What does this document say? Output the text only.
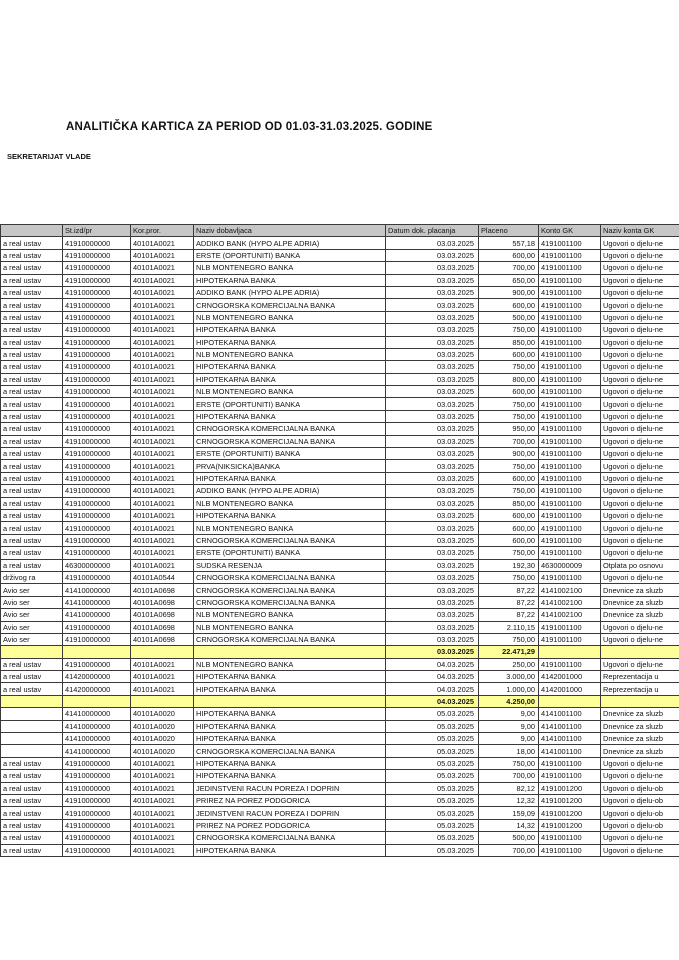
ANALITIČKA KARTICA ZA PERIOD OD 01.03-31.03.2025. GODINE
SEKRETARIJAT VLADE
	St.izd/pr	Kor.pror.	Naziv dobavljaca	Datum dok. placanja	Placeno	Konto GK	Naziv konta GK
a real ustav	41910000000	40101A0021	ADDIKO BANK (HYPO ALPE ADRIA)	03.03.2025	557,18	4191001100	Ugovori o djelu-ne
a real ustav	41910000000	40101A0021	ERSTE (OPORTUNITI) BANKA	03.03.2025	600,00	4191001100	Ugovori o djelu-ne
a real ustav	41910000000	40101A0021	NLB MONTENEGRO BANKA	03.03.2025	700,00	4191001100	Ugovori o djelu-ne
a real ustav	41910000000	40101A0021	HIPOTEKARNA BANKA	03.03.2025	650,00	4191001100	Ugovori o djelu-ne
a real ustav	41910000000	40101A0021	ADDIKO BANK (HYPO ALPE ADRIA)	03.03.2025	900,00	4191001100	Ugovori o djelu-ne
a real ustav	41910000000	40101A0021	CRNOGORSKA KOMERCIJALNA BANKA	03.03.2025	600,00	4191001100	Ugovori o djelu-ne
a real ustav	41910000000	40101A0021	NLB MONTENEGRO BANKA	03.03.2025	500,00	4191001100	Ugovori o djelu-ne
a real ustav	41910000000	40101A0021	HIPOTEKARNA BANKA	03.03.2025	750,00	4191001100	Ugovori o djelu-ne
a real ustav	41910000000	40101A0021	HIPOTEKARNA BANKA	03.03.2025	850,00	4191001100	Ugovori o djelu-ne
a real ustav	41910000000	40101A0021	NLB MONTENEGRO BANKA	03.03.2025	600,00	4191001100	Ugovori o djelu-ne
a real ustav	41910000000	40101A0021	HIPOTEKARNA BANKA	03.03.2025	750,00	4191001100	Ugovori o djelu-ne
a real ustav	41910000000	40101A0021	HIPOTEKARNA BANKA	03.03.2025	800,00	4191001100	Ugovori o djelu-ne
a real ustav	41910000000	40101A0021	NLB MONTENEGRO BANKA	03.03.2025	600,00	4191001100	Ugovori o djelu-ne
a real ustav	41910000000	40101A0021	ERSTE (OPORTUNITI) BANKA	03.03.2025	750,00	4191001100	Ugovori o djelu-ne
a real ustav	41910000000	40101A0021	HIPOTEKARNA BANKA	03.03.2025	750,00	4191001100	Ugovori o djelu-ne
a real ustav	41910000000	40101A0021	CRNOGORSKA KOMERCIJALNA BANKA	03.03.2025	950,00	4191001100	Ugovori o djelu-ne
a real ustav	41910000000	40101A0021	CRNOGORSKA KOMERCIJALNA BANKA	03.03.2025	700,00	4191001100	Ugovori o djelu-ne
a real ustav	41910000000	40101A0021	ERSTE (OPORTUNITI) BANKA	03.03.2025	900,00	4191001100	Ugovori o djelu-ne
a real ustav	41910000000	40101A0021	PRVA(NIKSICKA)BANKA	03.03.2025	750,00	4191001100	Ugovori o djelu-ne
a real ustav	41910000000	40101A0021	HIPOTEKARNA BANKA	03.03.2025	600,00	4191001100	Ugovori o djelu-ne
a real ustav	41910000000	40101A0021	ADDIKO BANK (HYPO ALPE ADRIA)	03.03.2025	750,00	4191001100	Ugovori o djelu-ne
a real ustav	41910000000	40101A0021	NLB MONTENEGRO BANKA	03.03.2025	850,00	4191001100	Ugovori o djelu-ne
a real ustav	41910000000	40101A0021	HIPOTEKARNA BANKA	03.03.2025	600,00	4191001100	Ugovori o djelu-ne
a real ustav	41910000000	40101A0021	NLB MONTENEGRO BANKA	03.03.2025	600,00	4191001100	Ugovori o djelu-ne
a real ustav	41910000000	40101A0021	CRNOGORSKA KOMERCIJALNA BANKA	03.03.2025	600,00	4191001100	Ugovori o djelu-ne
a real ustav	41910000000	40101A0021	ERSTE (OPORTUNITI) BANKA	03.03.2025	750,00	4191001100	Ugovori o djelu-ne
a real ustav	46300000000	40101A0021	SUDSKA RESENJA	03.03.2025	192,30	4630000009	Otplata po osnovu
drživog ra	41910000000	40101A0544	CRNOGORSKA KOMERCIJALNA BANKA	03.03.2025	750,00	4191001100	Ugovori o djelu-ne
Avio ser	41410000000	40101A0698	CRNOGORSKA KOMERCIJALNA BANKA	03.03.2025	87,22	4141002100	Dnevnice za sluzb
Avio ser	41410000000	40101A0698	CRNOGORSKA KOMERCIJALNA BANKA	03.03.2025	87,22	4141002100	Dnevnice za sluzb
Avio ser	41410000000	40101A0698	NLB MONTENEGRO BANKA	03.03.2025	87,22	4141002100	Dnevnice za sluzb
Avio ser	41910000000	40101A0698	NLB MONTENEGRO BANKA	03.03.2025	2.110,15	4191001100	Ugovori o djelu-ne
Avio ser	41910000000	40101A0698	CRNOGORSKA KOMERCIJALNA BANKA	03.03.2025	750,00	4191001100	Ugovori o djelu-ne
				03.03.2025	22.471,29		
a real ustav	41910000000	40101A0021	NLB MONTENEGRO BANKA	04.03.2025	250,00	4191001100	Ugovori o djelu-ne
a real ustav	41420000000	40101A0021	HIPOTEKARNA BANKA	04.03.2025	3.000,00	4142001000	Reprezentacija u
a real ustav	41420000000	40101A0021	HIPOTEKARNA BANKA	04.03.2025	1.000,00	4142001000	Reprezentacija u
				04.03.2025	4.250,00		
	41410000000	40101A0020	HIPOTEKARNA BANKA	05.03.2025	9,00	4141001100	Dnevnice za sluzb
	41410000000	40101A0020	HIPOTEKARNA BANKA	05.03.2025	9,00	4141001100	Dnevnice za sluzb
	41410000000	40101A0020	HIPOTEKARNA BANKA	05.03.2025	9,00	4141001100	Dnevnice za sluzb
	41410000000	40101A0020	CRNOGORSKA KOMERCIJALNA BANKA	05.03.2025	18,00	4141001100	Dnevnice za sluzb
a real ustav	41910000000	40101A0021	HIPOTEKARNA BANKA	05.03.2025	750,00	4191001100	Ugovori o djelu-ne
a real ustav	41910000000	40101A0021	HIPOTEKARNA BANKA	05.03.2025	700,00	4191001100	Ugovori o djelu-ne
a real ustav	41910000000	40101A0021	JEDINSTVENI RACUN POREZA I DOPRIN	05.03.2025	82,12	4191001200	Ugovori o djelu-ob
a real ustav	41910000000	40101A0021	PRIREZ NA POREZ PODGORICA	05.03.2025	12,32	4191001200	Ugovori o djelu-ob
a real ustav	41910000000	40101A0021	JEDINSTVENI RACUN POREZA I DOPRIN	05.03.2025	159,09	4191001200	Ugovori o djelu-ob
a real ustav	41910000000	40101A0021	PRIREZ NA POREZ PODGORICA	05.03.2025	14,32	4191001200	Ugovori o djelu-ob
a real ustav	41910000000	40101A0021	CRNOGORSKA KOMERCIJALNA BANKA	05.03.2025	500,00	4191001100	Ugovori o djelu-ne
a real ustav	41910000000	40101A0021	HIPOTEKARNA BANKA	05.03.2025	700,00	4191001100	Ugovori o djelu-ne
